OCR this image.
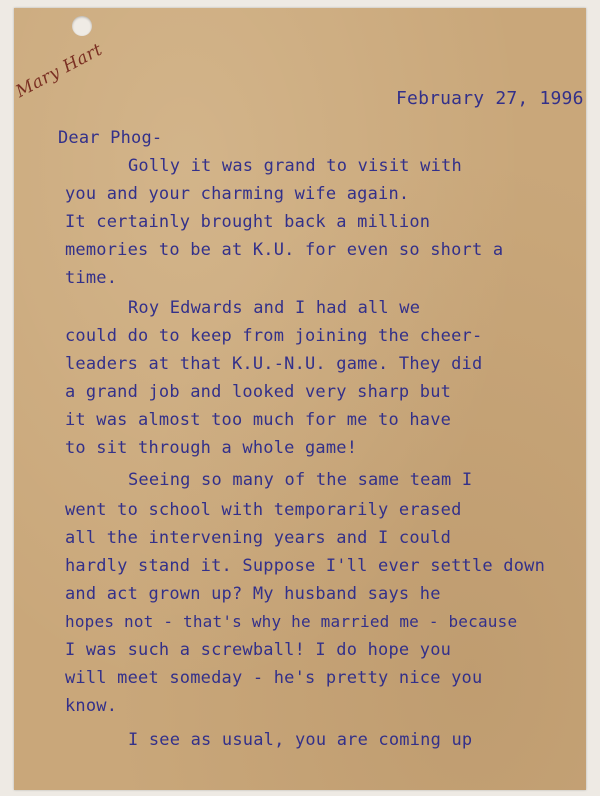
Mary Hart	February 27, 1996
Dear Phog-
Golly it was grand to visit with
you and your charming wife again.
It certainly brought back a million
memories to be at K.U. for even so short a
time.
Roy Edwards and I had all we
could do to keep from joining the cheer-
leaders at that K.U.-N.U. game. They did
a grand job and looked very sharp but
it was almost too much for me to have
to sit through a whole game!
Seeing so many of the same team I
went to school with temporarily erased
all the intervening years and I could
hardly stand it. Suppose I'll ever settle down
and act grown up? My husband says he
hopes not - that's why he married me - because
I was such a screwball! I do hope you
will meet someday - he's pretty nice you
know.
I see as usual, you are coming up
